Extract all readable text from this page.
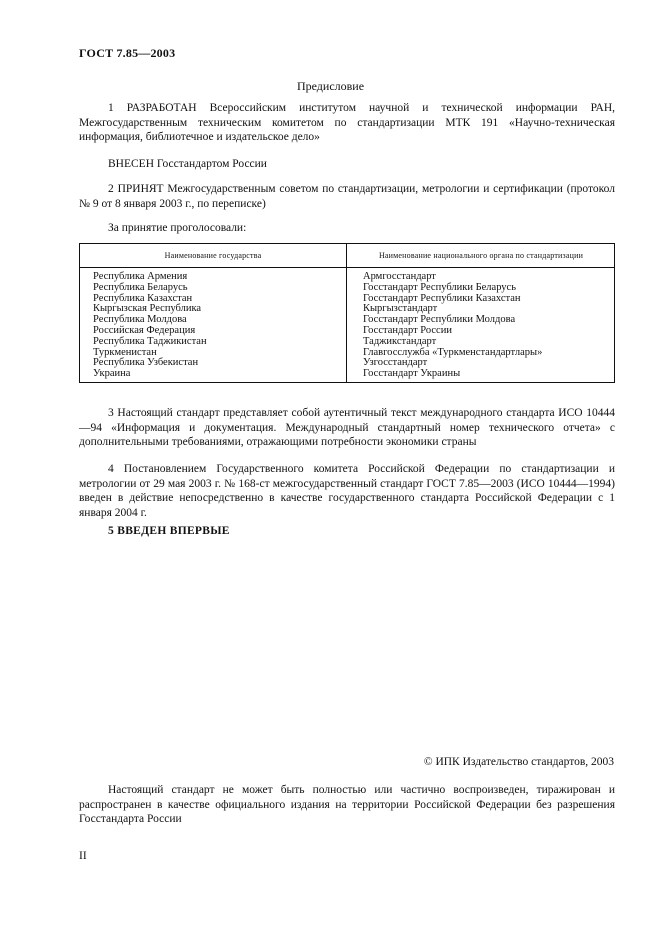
ГОСТ 7.85—2003
Предисловие

1 РАЗРАБОТАН Всероссийским институтом научной и технической информации РАН, Межгосударственным техническим комитетом по стандартизации МТК 191 «Научно-техническая информация, библиотечное и издательское дело»

ВНЕСЕН Госстандартом России

2 ПРИНЯТ Межгосударственным советом по стандартизации, метрологии и сертификации (протокол № 9 от 8 января 2003 г., по переписке)

За принятие проголосовали:
Наименование государства	Наименование национального органа по стандартизации
Республика Армения
Республика Беларусь
Республика Казахстан
Кыргызская Республика
Республика Молдова
Российская Федерация
Республика Таджикистан
Туркменистан
Республика Узбекистан
Украина
Армгосстандарт
Госстандарт Республики Беларусь
Госстандарт Республики Казахстан
Кыргызстандарт
Госстандарт Республики Молдова
Госстандарт России
Таджикстандарт
Главгосслужба «Туркменстандартлары»
Узгосстандарт
Госстандарт Украины

3 Настоящий стандарт представляет собой аутентичный текст международного стандарта ИСО 10444—94 «Информация и документация. Международный стандартный номер технического отчета» с дополнительными требованиями, отражающими потребности экономики страны

4 Постановлением Государственного комитета Российской Федерации по стандартизации и метрологии от 29 мая 2003 г. № 168-ст межгосударственный стандарт ГОСТ 7.85—2003 (ИСО 10444—1994) введен в действие непосредственно в качестве государственного стандарта Российской Федерации с 1 января 2004 г.

5 ВВЕДЕН ВПЕРВЫЕ
© ИПК Издательство стандартов, 2003

Настоящий стандарт не может быть полностью или частично воспроизведен, тиражирован и распространен в качестве официального издания на территории Российской Федерации без разрешения Госстандарта России

II
